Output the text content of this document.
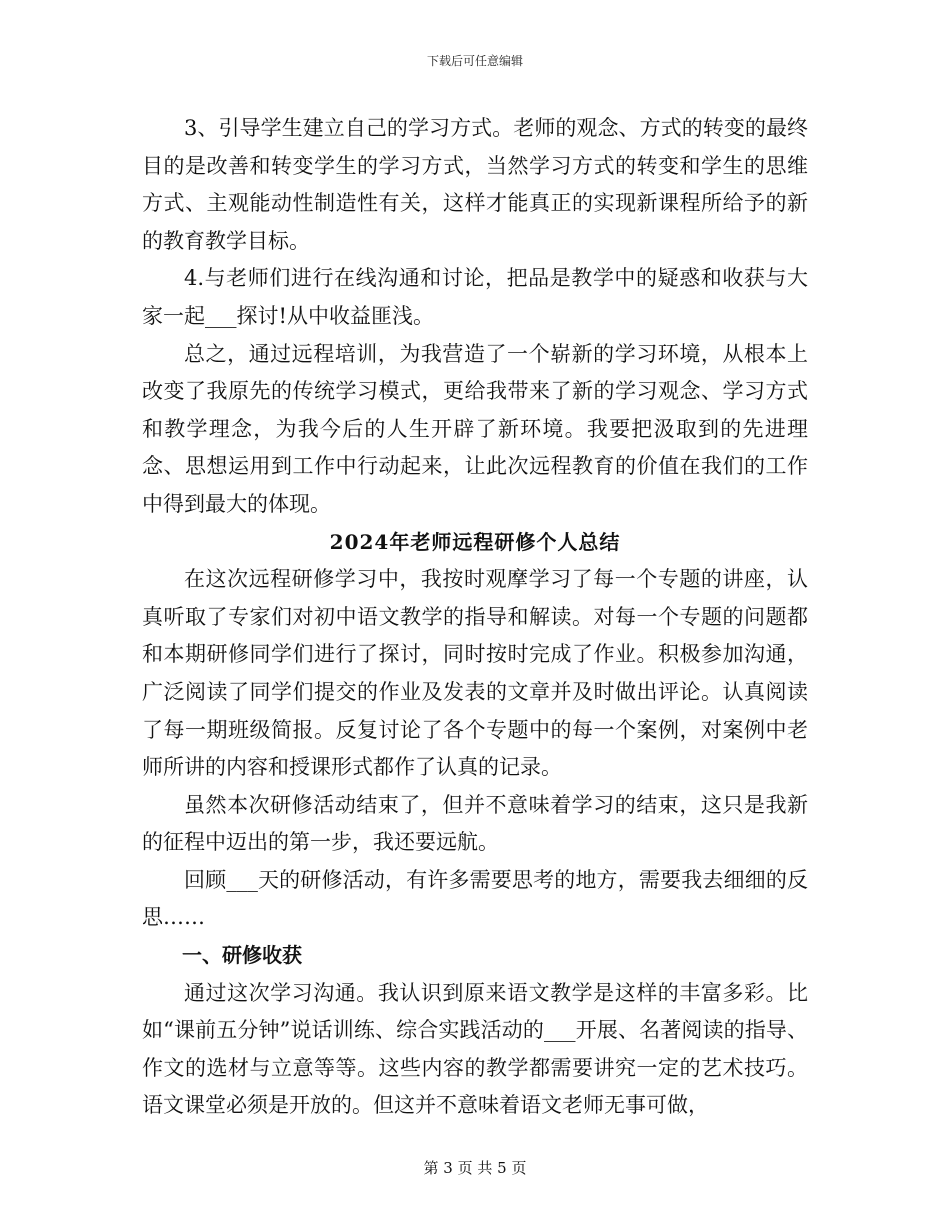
下载后可任意编辑

3、引导学生建立自己的学习方式。老师的观念、方式的转变的最终目的是改善和转变学生的学习方式，当然学习方式的转变和学生的思维方式、主观能动性制造性有关，这样才能真正的实现新课程所给予的新的教育教学目标。

4.与老师们进行在线沟通和讨论，把品是教学中的疑惑和收获与大家一起___探讨!从中收益匪浅。

总之，通过远程培训，为我营造了一个崭新的学习环境，从根本上改变了我原先的传统学习模式，更给我带来了新的学习观念、学习方式和教学理念，为我今后的人生开辟了新环境。我要把汲取到的先进理念、思想运用到工作中行动起来，让此次远程教育的价值在我们的工作中得到最大的体现。

2024年老师远程研修个人总结

在这次远程研修学习中，我按时观摩学习了每一个专题的讲座，认真听取了专家们对初中语文教学的指导和解读。对每一个专题的问题都和本期研修同学们进行了探讨，同时按时完成了作业。积极参加沟通，广泛阅读了同学们提交的作业及发表的文章并及时做出评论。认真阅读了每一期班级简报。反复讨论了各个专题中的每一个案例，对案例中老师所讲的内容和授课形式都作了认真的记录。

虽然本次研修活动结束了，但并不意味着学习的结束，这只是我新的征程中迈出的第一步，我还要远航。

回顾___天的研修活动，有许多需要思考的地方，需要我去细细的反思……

一、研修收获

通过这次学习沟通。我认识到原来语文教学是这样的丰富多彩。比如“课前五分钟”说话训练、综合实践活动的___开展、名著阅读的指导、作文的选材与立意等等。这些内容的教学都需要讲究一定的艺术技巧。语文课堂必须是开放的。但这并不意味着语文老师无事可做，

第 3 页 共 5 页
